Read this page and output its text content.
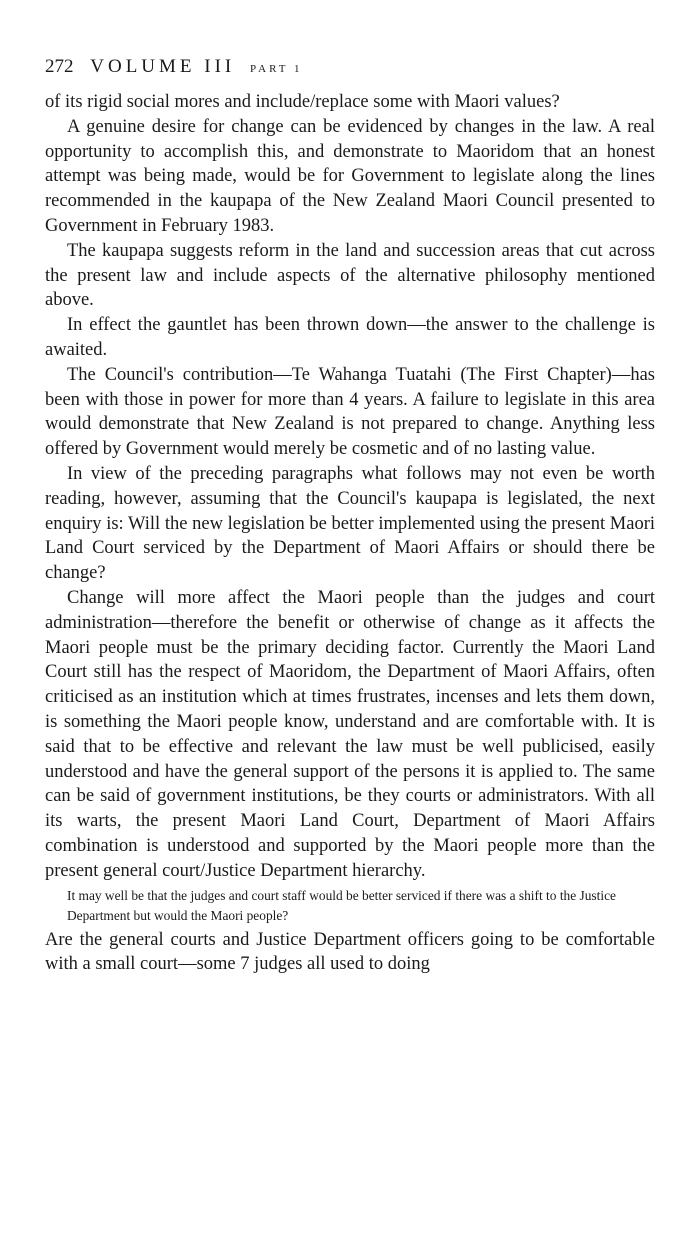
272 VOLUME III PART 1

of its rigid social mores and include/replace some with Maori values?

A genuine desire for change can be evidenced by changes in the law. A real opportunity to accomplish this, and demonstrate to Maoridom that an honest attempt was being made, would be for Government to legislate along the lines recommended in the kaupapa of the New Zealand Maori Council presented to Government in February 1983.

The kaupapa suggests reform in the land and succession areas that cut across the present law and include aspects of the alternative philosophy mentioned above.

In effect the gauntlet has been thrown down—the answer to the challenge is awaited.

The Council's contribution—Te Wahanga Tuatahi (The First Chapter)—has been with those in power for more than 4 years. A failure to legislate in this area would demonstrate that New Zealand is not prepared to change. Anything less offered by Government would merely be cosmetic and of no lasting value.

In view of the preceding paragraphs what follows may not even be worth reading, however, assuming that the Council's kaupapa is legislated, the next enquiry is: Will the new legislation be better implemented using the present Maori Land Court serviced by the Department of Maori Affairs or should there be change?

Change will more affect the Maori people than the judges and court administration—therefore the benefit or otherwise of change as it affects the Maori people must be the primary deciding factor. Currently the Maori Land Court still has the respect of Maoridom, the Department of Maori Affairs, often criticised as an institution which at times frustrates, incenses and lets them down, is something the Maori people know, understand and are comfortable with. It is said that to be effective and relevant the law must be well publicised, easily understood and have the general support of the persons it is applied to. The same can be said of government institutions, be they courts or administrators. With all its warts, the present Maori Land Court, Department of Maori Affairs combination is understood and supported by the Maori people more than the present general court/Justice Department hierarchy.

It may well be that the judges and court staff would be better serviced if there was a shift to the Justice Department but would the Maori people?

Are the general courts and Justice Department officers going to be comfortable with a small court—some 7 judges all used to doing
